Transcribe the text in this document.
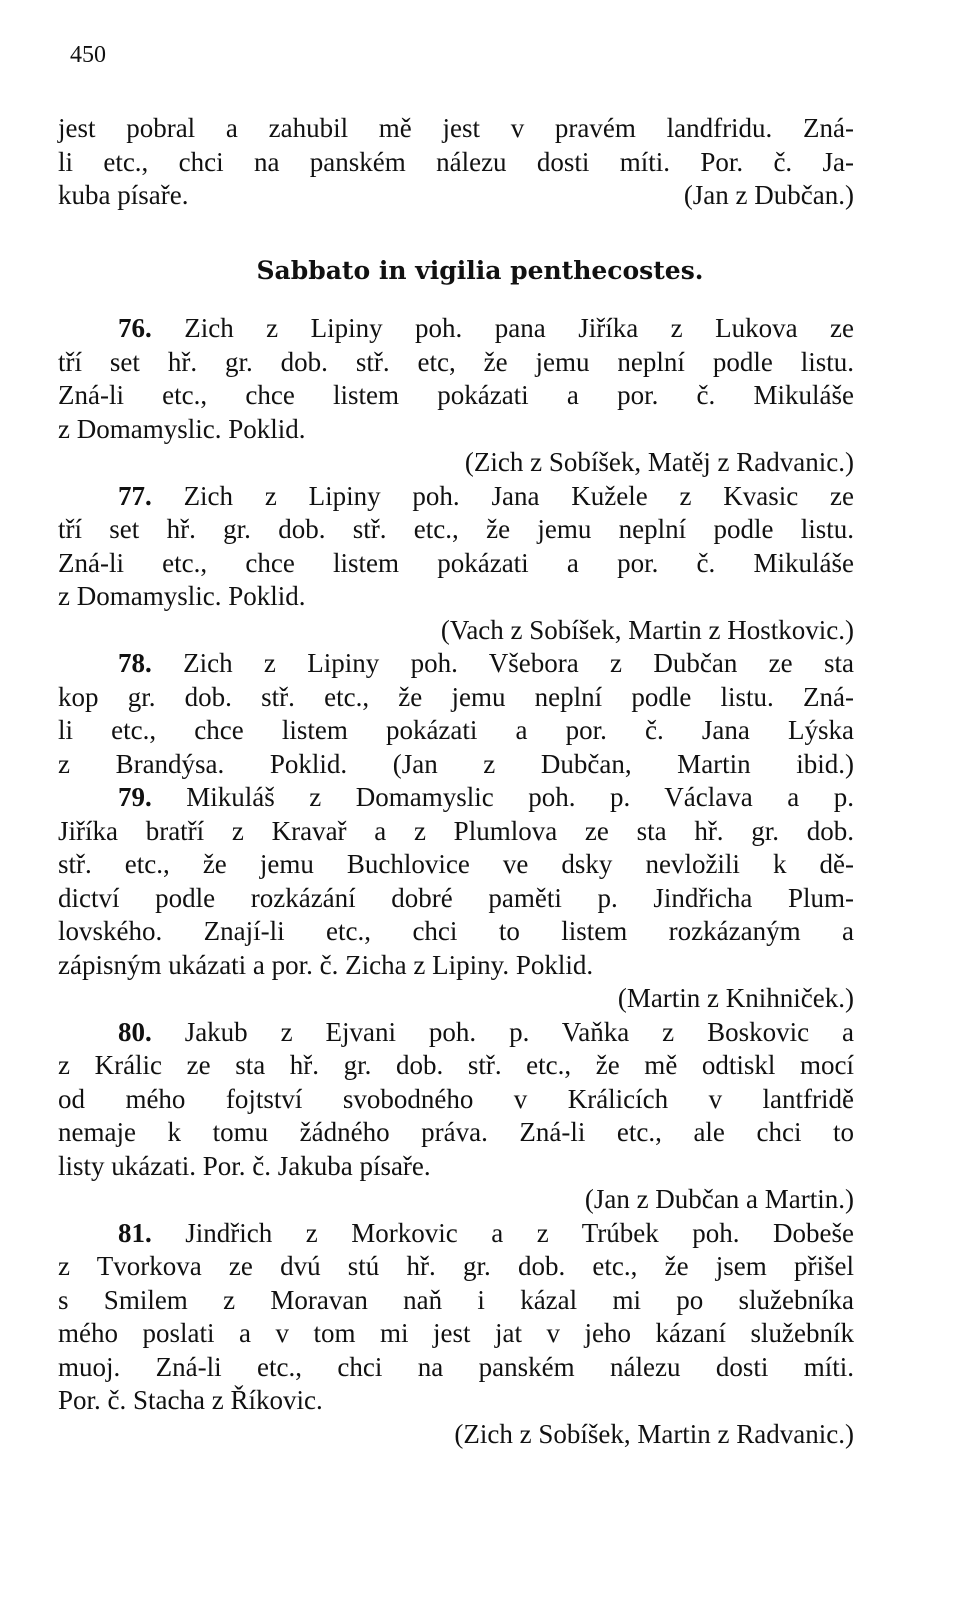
450
jest pobral a zahubil mě jest v pravém landfridu. Zná-
li etc., chci na panském nálezu dosti míti. Por. č. Ja-
kuba písaře.	(Jan z Dubčan.)
Sabbato in vigilia penthecostes.
76. Zich z Lipiny poh. pana Jiříka z Lukova ze
tří set hř. gr. dob. stř. etc, že jemu neplní podle listu.
Zná-li etc., chce listem pokázati a por. č. Mikuláše
z Domamyslic. Poklid.
(Zich z Sobíšek, Matěj z Radvanic.)
77. Zich z Lipiny poh. Jana Kužele z Kvasic ze
tří set hř. gr. dob. stř. etc., že jemu neplní podle listu.
Zná-li etc., chce listem pokázati a por. č. Mikuláše
z Domamyslic. Poklid.
(Vach z Sobíšek, Martin z Hostkovic.)
78. Zich z Lipiny poh. Všebora z Dubčan ze sta
kop gr. dob. stř. etc., že jemu neplní podle listu. Zná-
li etc., chce listem pokázati a por. č. Jana Lýska
z Brandýsa. Poklid. (Jan z Dubčan, Martin ibid.)
79. Mikuláš z Domamyslic poh. p. Václava a p.
Jiříka bratří z Kravař a z Plumlova ze sta hř. gr. dob.
stř. etc., že jemu Buchlovice ve dsky nevložili k dě-
dictví podle rozkázání dobré paměti p. Jindřicha Plum-
lovského. Znají-li etc., chci to listem rozkázaným a
zápisným ukázati a por. č. Zicha z Lipiny. Poklid.
(Martin z Knihniček.)
80. Jakub z Ejvani poh. p. Vaňka z Boskovic a
z Králic ze sta hř. gr. dob. stř. etc., že mě odtiskl mocí
od mého fojtství svobodného v Králicích v lantfridě
nemaje k tomu žádného práva. Zná-li etc., ale chci to
listy ukázati. Por. č. Jakuba písaře.
(Jan z Dubčan a Martin.)
81. Jindřich z Morkovic a z Trúbek poh. Dobeše
z Tvorkova ze dvú stú hř. gr. dob. etc., že jsem přišel
s Smilem z Moravan naň i kázal mi po služebníka
mého poslati a v tom mi jest jat v jeho kázaní služebník
muoj. Zná-li etc., chci na panském nálezu dosti míti.
Por. č. Stacha z Říkovic.
(Zich z Sobíšek, Martin z Radvanic.)
